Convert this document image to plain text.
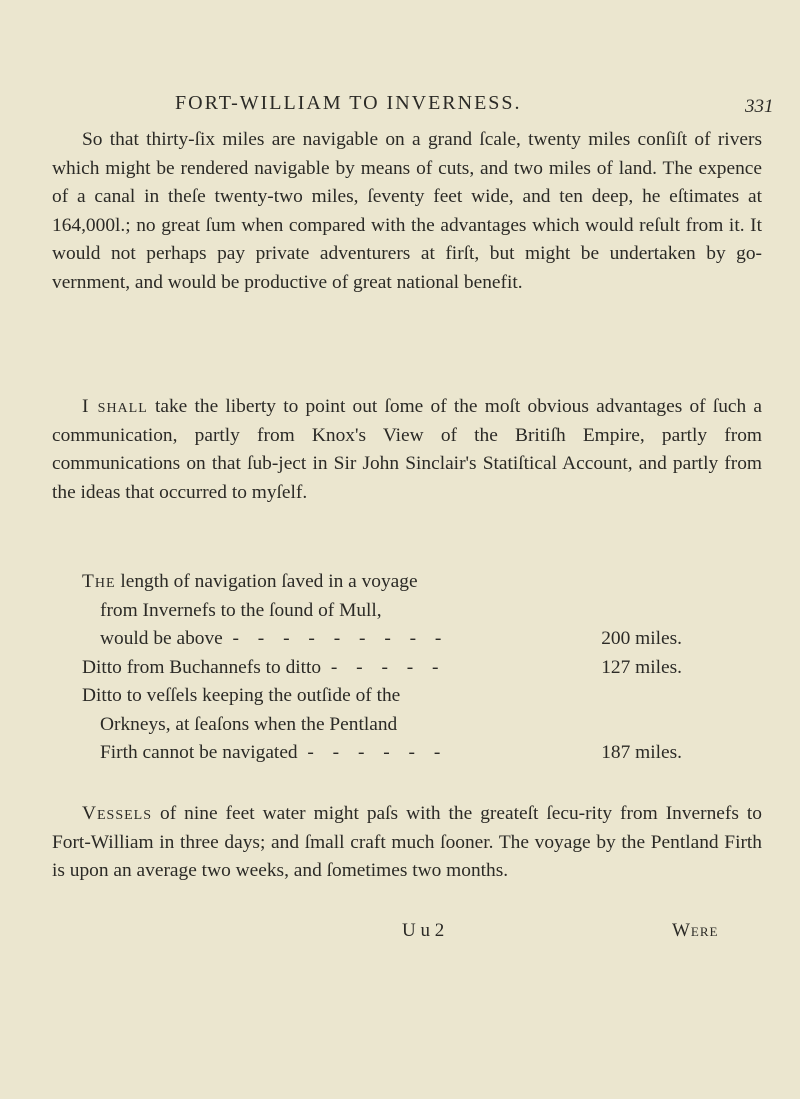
FORT-WILLIAM TO INVERNESS.	331

So that thirty-ſix miles are navigable on a grand ſcale, twenty miles conſiſt of rivers which might be rendered navigable by means of cuts, and two miles of land. The expence of a canal in theſe twenty-two miles, ſeventy feet wide, and ten deep, he eſtimates at 164,000l.; no great ſum when compared with the advantages which would reſult from it. It would not perhaps pay private adventurers at firſt, but might be undertaken by go-vernment, and would be productive of great national benefit.

I shall take the liberty to point out ſome of the moſt obvious advantages of ſuch a communication, partly from Knox's View of the Britiſh Empire, partly from communications on that ſub-ject in Sir John Sinclair's Statiſtical Account, and partly from the ideas that occurred to myſelf.

The length of navigation ſaved in a voyage
from Invernefs to the ſound of Mull,
would be above - - - - - - - - -	200 miles.
Ditto from Buchannefs to ditto - - - - -	127 miles.
Ditto to veſſels keeping the outſide of the
Orkneys, at ſeaſons when the Pentland
Firth cannot be navigated - - - - - -	187 miles.

Vessels of nine feet water might paſs with the greateſt ſecu-rity from Invernefs to Fort-William in three days; and ſmall craft much ſooner. The voyage by the Pentland Firth is upon an average two weeks, and ſometimes two months.

U u 2	Were
